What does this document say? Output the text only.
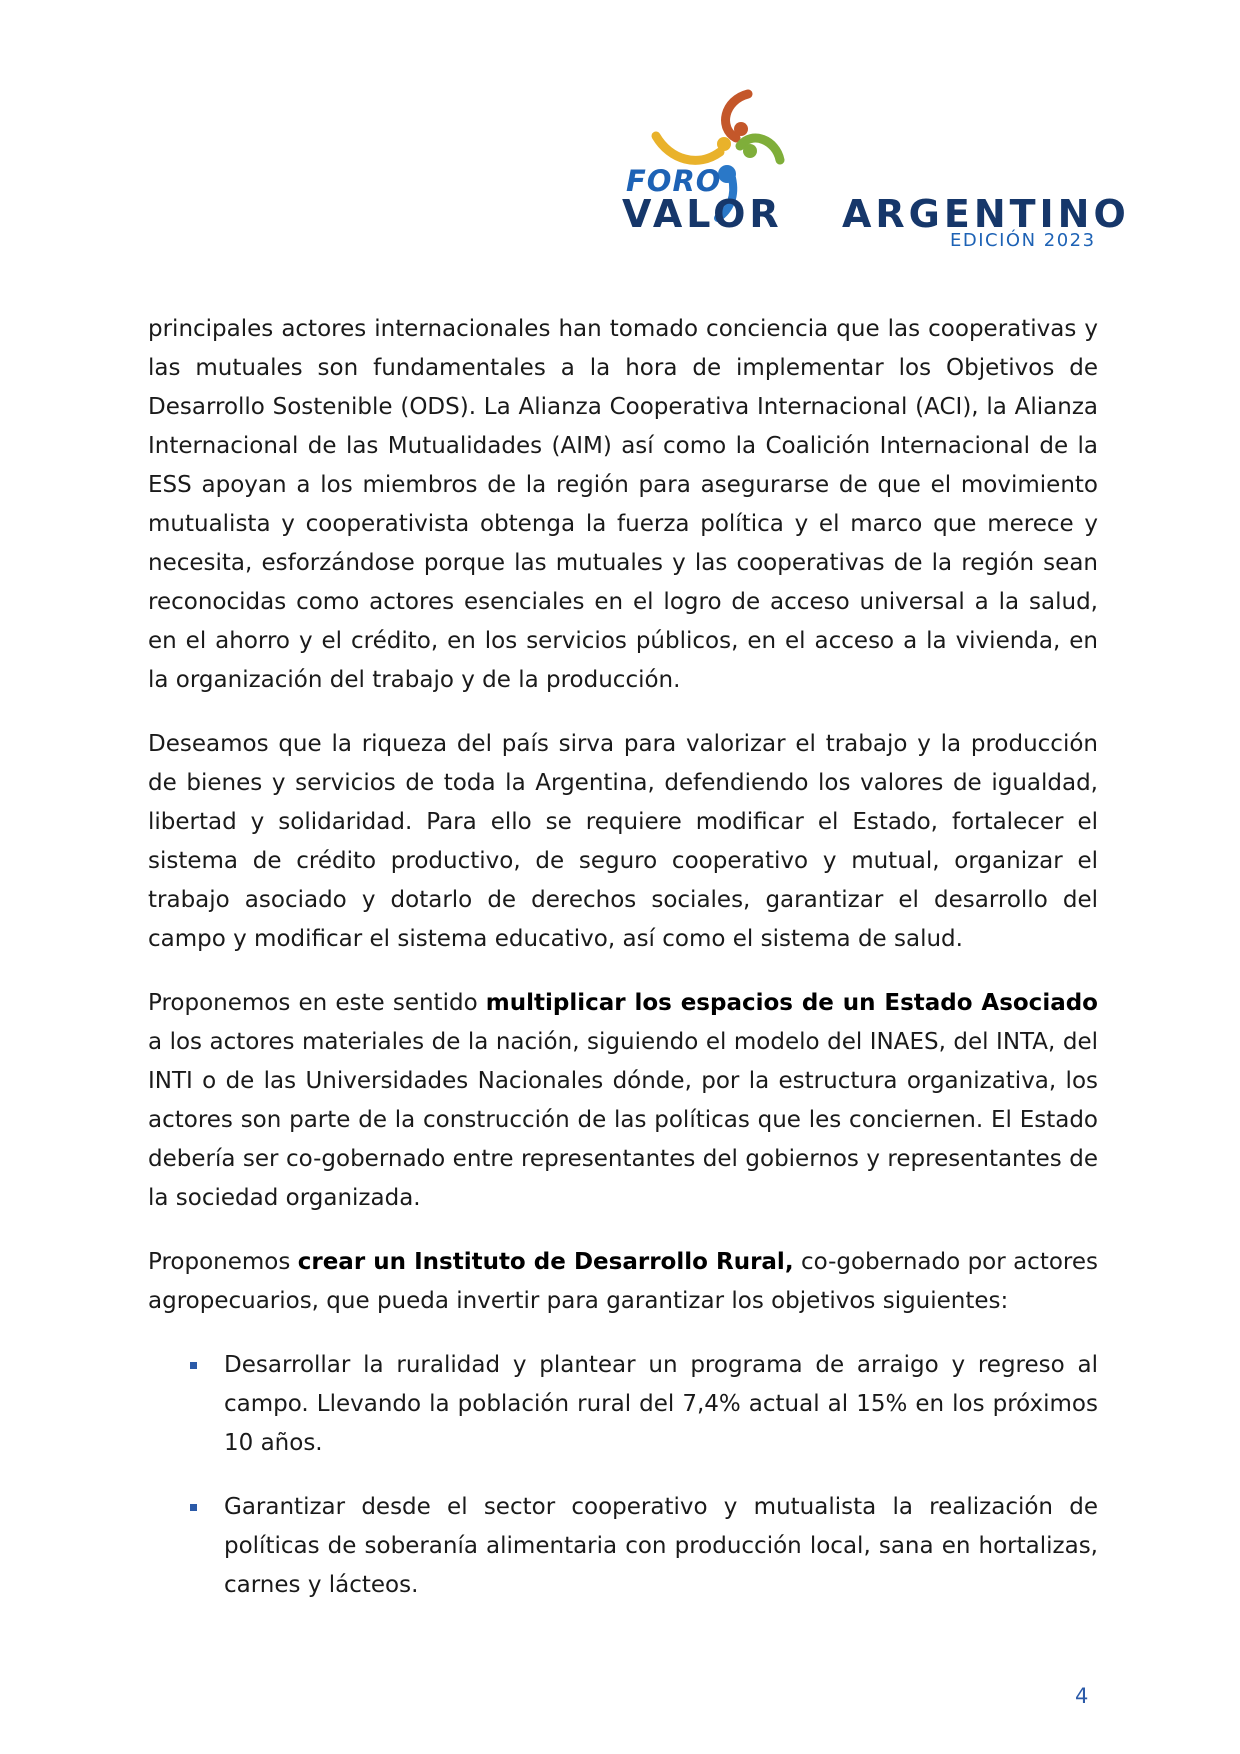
FORO
VALOR ARGENTINO
EDICIÓN 2023

principales actores internacionales han tomado conciencia que las cooperativas y las mutuales son fundamentales a la hora de implementar los Objetivos de Desarrollo Sostenible (ODS). La Alianza Cooperativa Internacional (ACI), la Alianza Internacional de las Mutualidades (AIM) así como la Coalición Internacional de la ESS apoyan a los miembros de la región para asegurarse de que el movimiento mutualista y cooperativista obtenga la fuerza política y el marco que merece y necesita, esforzándose porque las mutuales y las cooperativas de la región sean reconocidas como actores esenciales en el logro de acceso universal a la salud, en el ahorro y el crédito, en los servicios públicos, en el acceso a la vivienda, en la organización del trabajo y de la producción.

Deseamos que la riqueza del país sirva para valorizar el trabajo y la producción de bienes y servicios de toda la Argentina, defendiendo los valores de igualdad, libertad y solidaridad. Para ello se requiere modificar el Estado, fortalecer el sistema de crédito productivo, de seguro cooperativo y mutual, organizar el trabajo asociado y dotarlo de derechos sociales, garantizar el desarrollo del campo y modificar el sistema educativo, así como el sistema de salud.

Proponemos en este sentido multiplicar los espacios de un Estado Asociado a los actores materiales de la nación, siguiendo el modelo del INAES, del INTA, del INTI o de las Universidades Nacionales dónde, por la estructura organizativa, los actores son parte de la construcción de las políticas que les conciernen. El Estado debería ser co-gobernado entre representantes del gobiernos y representantes de la sociedad organizada.

Proponemos crear un Instituto de Desarrollo Rural, co-gobernado por actores agropecuarios, que pueda invertir para garantizar los objetivos siguientes:

Desarrollar la ruralidad y plantear un programa de arraigo y regreso al campo. Llevando la población rural del 7,4% actual al 15% en los próximos 10 años.
Garantizar desde el sector cooperativo y mutualista la realización de políticas de soberanía alimentaria con producción local, sana en hortalizas, carnes y lácteos.
4
